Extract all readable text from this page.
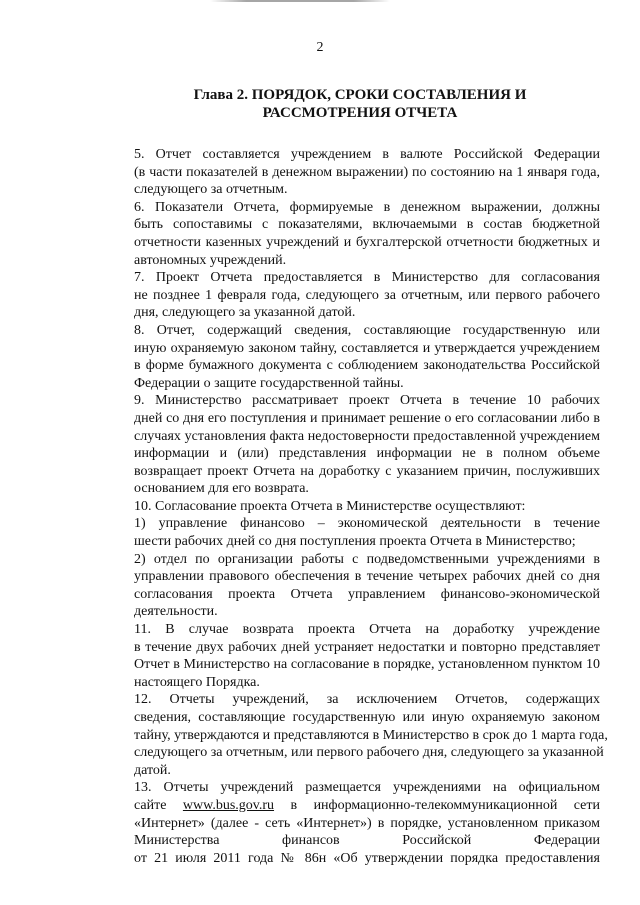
2
Глава 2. ПОРЯДОК, СРОКИ СОСТАВЛЕНИЯ И
РАССМОТРЕНИЯ ОТЧЕТА
5. Отчет составляется учреждением в валюте Российской Федерации
(в части показателей в денежном выражении) по состоянию на 1 января года,
следующего за отчетным.
6. Показатели Отчета, формируемые в денежном выражении, должны
быть сопоставимы с показателями, включаемыми в состав бюджетной
отчетности казенных учреждений и бухгалтерской отчетности бюджетных и
автономных учреждений.
7. Проект Отчета предоставляется в Министерство для согласования
не позднее 1 февраля года, следующего за отчетным, или первого рабочего
дня, следующего за указанной датой.
8. Отчет, содержащий сведения, составляющие государственную или
иную охраняемую законом тайну, составляется и утверждается учреждением
в форме бумажного документа с соблюдением законодательства Российской
Федерации о защите государственной тайны.
9. Министерство рассматривает проект Отчета в течение 10 рабочих
дней со дня его поступления и принимает решение о его согласовании либо в
случаях установления факта недостоверности предоставленной учреждением
информации и (или) представления информации не в полном объеме
возвращает проект Отчета на доработку с указанием причин, послуживших
основанием для его возврата.
10. Согласование проекта Отчета в Министерстве осуществляют:
1) управление финансово – экономической деятельности в течение
шести рабочих дней со дня поступления проекта Отчета в Министерство;
2) отдел по организации работы с подведомственными учреждениями в
управлении правового обеспечения в течение четырех рабочих дней со дня
согласования проекта Отчета управлением финансово-экономической
деятельности.
11. В случае возврата проекта Отчета на доработку учреждение
в течение двух рабочих дней устраняет недостатки и повторно представляет
Отчет в Министерство на согласование в порядке, установленном пунктом 10
настоящего Порядка.
12. Отчеты учреждений, за исключением Отчетов, содержащих
сведения, составляющие государственную или иную охраняемую законом
тайну, утверждаются и представляются в Министерство в срок до 1 марта года,
следующего за отчетным, или первого рабочего дня, следующего за указанной
датой.
13. Отчеты учреждений размещается учреждениями на официальном
сайте www.bus.gov.ru в информационно-телекоммуникационной сети
«Интернет» (далее - сеть «Интернет») в порядке, установленном приказом
Министерства финансов Российской Федерации
от 21 июля 2011 года № 86н «Об утверждении порядка предоставления
